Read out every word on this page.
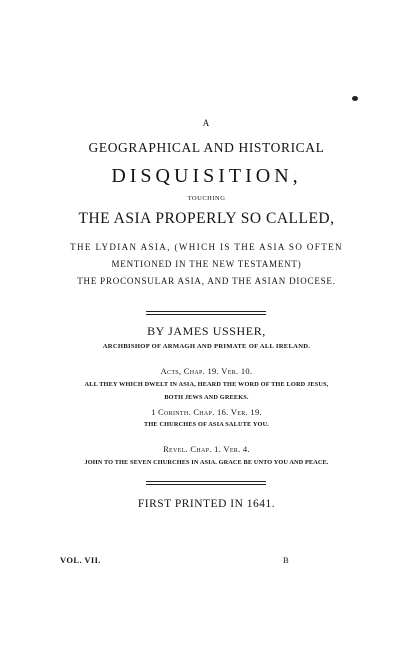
A
GEOGRAPHICAL AND HISTORICAL
DISQUISITION,
TOUCHING
THE ASIA PROPERLY SO CALLED,
THE LYDIAN ASIA, (WHICH IS THE ASIA SO OFTEN
MENTIONED IN THE NEW TESTAMENT)
THE PROCONSULAR ASIA, AND THE ASIAN DIOCESE.
BY JAMES USSHER,
ARCHBISHOP OF ARMAGH AND PRIMATE OF ALL IRELAND.
Acts, Chap. 19. Ver. 10.
ALL THEY WHICH DWELT IN ASIA, HEARD THE WORD OF THE LORD JESUS,
BOTH JEWS AND GREEKS.
1 Corinth. Chap. 16. Ver. 19.
THE CHURCHES OF ASIA SALUTE YOU.
Revel. Chap. 1. Ver. 4.
JOHN TO THE SEVEN CHURCHES IN ASIA. GRACE BE UNTO YOU AND PEACE.
FIRST PRINTED IN 1641.
VOL. VII.	B
